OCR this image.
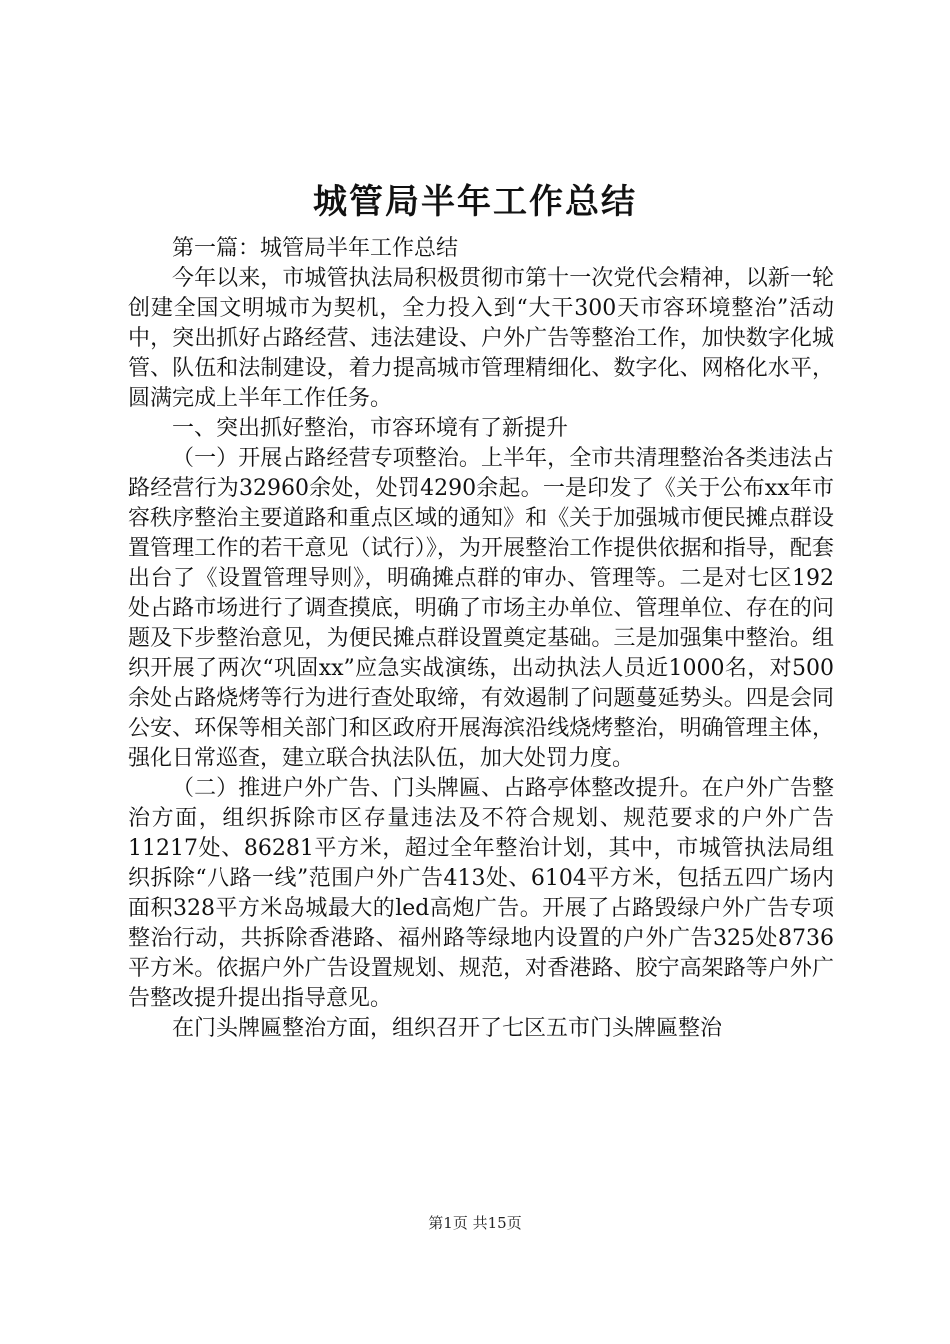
城管局半年工作总结

第一篇：城管局半年工作总结

今年以来，市城管执法局积极贯彻市第十一次党代会精神，以新一轮创建全国文明城市为契机，全力投入到“大干300天市容环境整治”活动中，突出抓好占路经营、违法建设、户外广告等整治工作，加快数字化城管、队伍和法制建设，着力提高城市管理精细化、数字化、网格化水平，圆满完成上半年工作任务。

一、突出抓好整治，市容环境有了新提升

（一）开展占路经营专项整治。上半年，全市共清理整治各类违法占路经营行为32960余处，处罚4290余起。一是印发了《关于公布xx年市容秩序整治主要道路和重点区域的通知》和《关于加强城市便民摊点群设置管理工作的若干意见（试行）》，为开展整治工作提供依据和指导，配套出台了《设置管理导则》，明确摊点群的审办、管理等。二是对七区192处占路市场进行了调查摸底，明确了市场主办单位、管理单位、存在的问题及下步整治意见，为便民摊点群设置奠定基础。三是加强集中整治。组织开展了两次“巩固xx”应急实战演练，出动执法人员近1000名，对500余处占路烧烤等行为进行查处取缔，有效遏制了问题蔓延势头。四是会同公安、环保等相关部门和区政府开展海滨沿线烧烤整治，明确管理主体，强化日常巡查，建立联合执法队伍，加大处罚力度。

（二）推进户外广告、门头牌匾、占路亭体整改提升。在户外广告整治方面，组织拆除市区存量违法及不符合规划、规范要求的户外广告11217处、86281平方米，超过全年整治计划，其中，市城管执法局组织拆除“八路一线”范围户外广告413处、6104平方米，包括五四广场内面积328平方米岛城最大的led高炮广告。开展了占路毁绿户外广告专项整治行动，共拆除香港路、福州路等绿地内设置的户外广告325处8736平方米。依据户外广告设置规划、规范，对香港路、胶宁高架路等户外广告整改提升提出指导意见。

在门头牌匾整治方面，组织召开了七区五市门头牌匾整治

第1页 共15页
